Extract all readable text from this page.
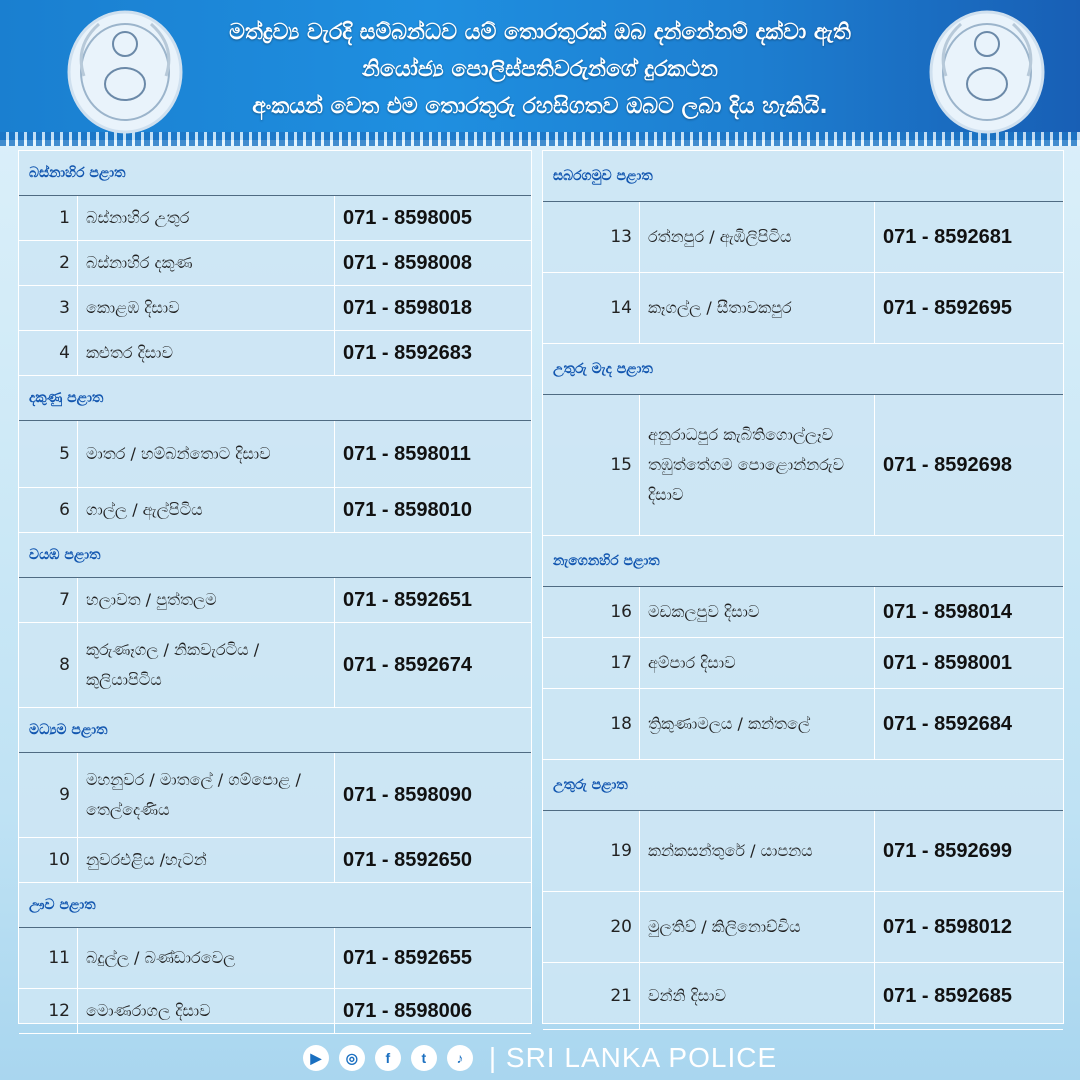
මත්ද්‍රව්‍ය වැරදි සම්බන්ධව යම් තොරතුරක් ඔබ දන්නේනම් දක්වා ඇති
නියෝජ්‍ය පොලිස්පතිවරුන්ගේ දුරකථන
අංකයන් වෙත එම තොරතුරු රහසිගතව ඔබට ලබා දිය හැකියි.
බස්නාහිර පළාත
1	බස්නාහිර උතුර	071 - 8598005
2	බස්නාහිර දකුණ	071 - 8598008
3	කොළඹ දිසාව	071 - 8598018
4	කළුතර දිසාව	071 - 8592683
දකුණු පළාත
5	මාතර / හම්බන්තොට දිසාව	071 - 8598011
6	ගාල්ල / ඇල්පිටිය	071 - 8598010
වයඹ පළාත
7	හලාවත / පුත්තලම	071 - 8592651
8
කුරුණෑගල / නිකවැරටිය / කුලියාපිටිය
071 - 8592674
මධ්‍යම පළාත
9
මහනුවර / මාතලේ / ගම්පොළ / තෙල්දෙණිය
071 - 8598090
10	නුවරඑළිය /හැටන්	071 - 8592650
ඌව පළාත
11	බදුල්ල / බණ්ඩාරවෙල	071 - 8592655
12	මොණරාගල දිසාව	071 - 8598006
සබරගමුව පළාත
13	රත්නපුර / ඇඹිලිපිටිය	071 - 8592681
14	කෑගල්ල / සීතාවකපුර	071 - 8592695
උතුරු මැද පළාත
15
අනුරාධපුර කැබිතිගොල්ලෑව තඹුත්තේගම පොළොන්නරුව දිසාව
071 - 8592698
නැගෙනහිර පළාත
16	මඩකලපුව දිසාව	071 - 8598014
17	අම්පාර දිසාව	071 - 8598001
18	ත්‍රිකුණාමලය / කන්තලේ	071 - 8592684
උතුරු පළාත
19	කන්කසන්තුරේ / යාපනය	071 - 8592699
20	මුලතිව් / කිලිනොච්චිය	071 - 8598012
21	වන්නි දිසාව	071 - 8592685
▶	◎	f	t	♪ | SRI LANKA POLICE
